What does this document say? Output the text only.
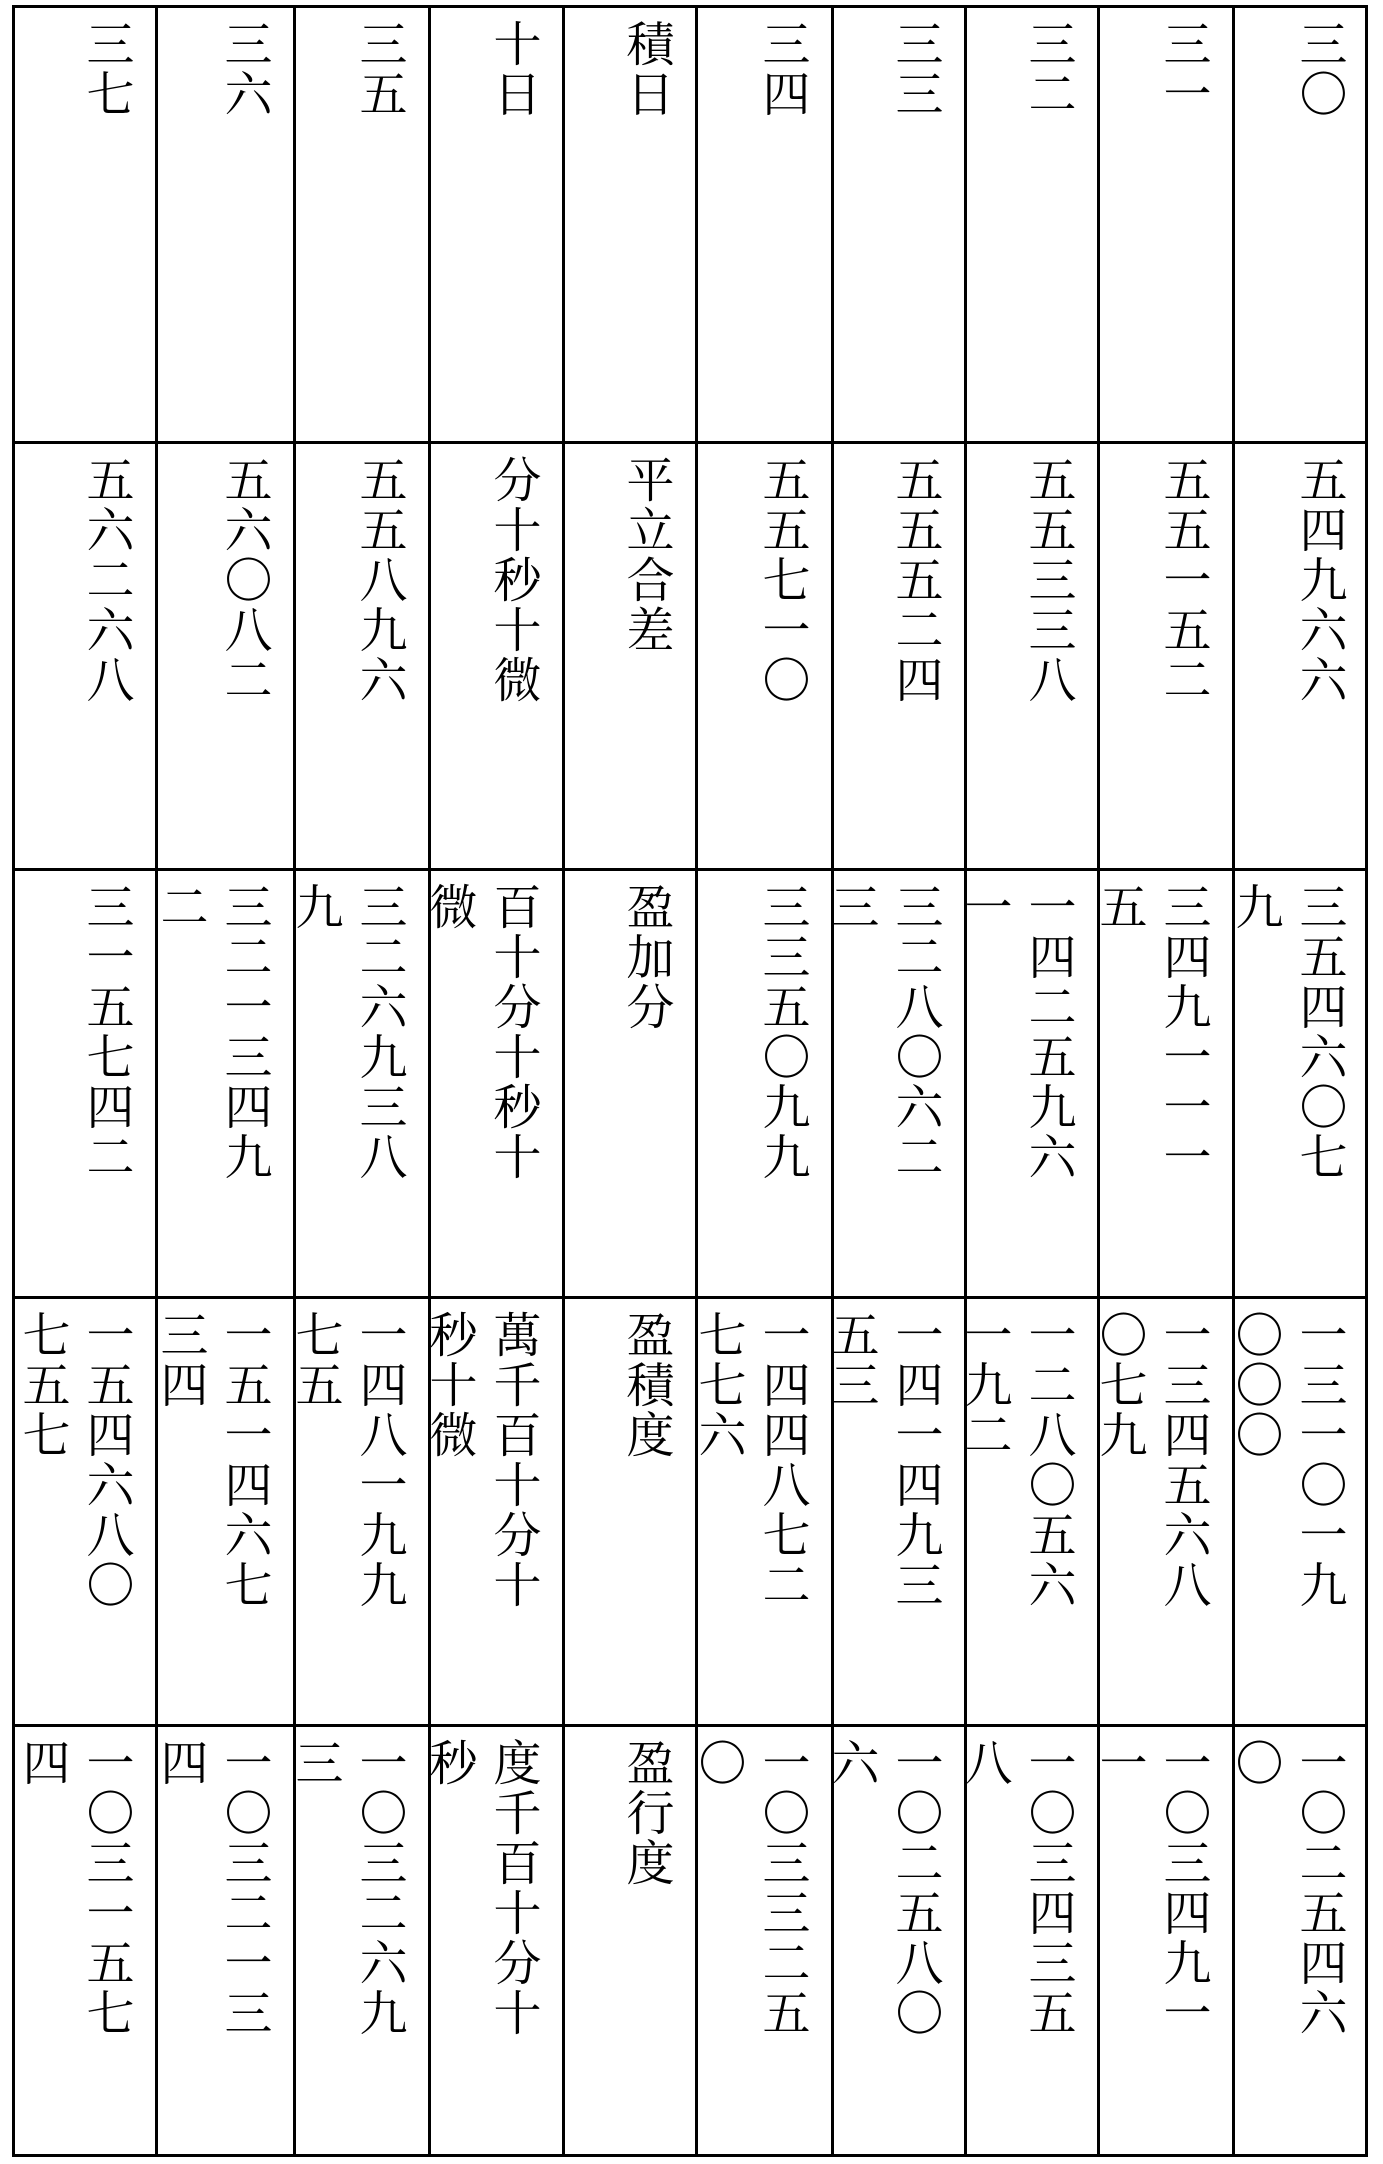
三〇
三一
三二
三三
三四
積日
十日
三五
三六
三七
五四九六六
五五一五二
五五三三八
五五五二四
五五七一〇
平立合差
分十秒十微
五五八九六
五六〇八二
五六二六八
三五四六〇七
九
三四九一一一
五
一四二五九六
一
三二八〇六二
三
三三五〇九九
盈加分
百十分十秒十
微
三二六九三八
九
三二一三四九
二
三一五七四二
一三一〇一九
〇〇〇
一三四五六八
〇七九
一二八〇五六
一九二
一四一四九三
五三
一四四八七二
七七六
盈積度
萬千百十分十
秒十微
一四八一九九
七五
一五一四六七
三四
一五四六八〇
七五七
一〇二五四六
〇
一〇三四九一
一
一〇三四三五
八
一〇二五八〇
六
一〇三三二五
〇
盈行度
度千百十分十
秒
一〇三二六九
三
一〇三二一三
四
一〇三一五七
四
